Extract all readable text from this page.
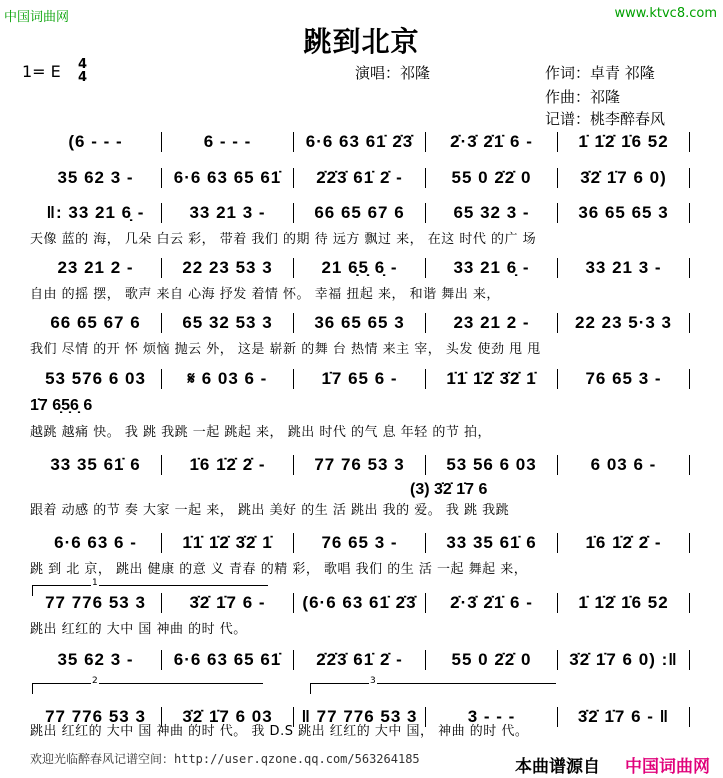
中国词曲网	www.ktvc8.com
跳到北京
1= E 4
4	演唱：祁隆	作词：卓青 祁隆
作曲：祁隆
记谱：桃李醉春风
欢迎光临醉春风记谱空间：http://user.qzone.qq.com/563264185	本曲谱源自 中国词曲网
(6 - - -	6 - - -	6·6 63 61̇ 2̇3̇	2̇·3̇ 2̇1̇ 6 -	1̇ 1̇2̇ 1̇6 52
35 62 3 -	6·6 63 65 61̇	2̇2̇3̇ 61̇ 2̇ -	55 0 2̇2̇ 0	3̇2̇ 1̇7 6 0)
‖: 33 21 6̣ -	33 21 3 -	66 65 67 6	65 32 3 -	36 65 65 3
天像 蓝的 海， 几朵 白云 彩， 带着 我们 的期 待 远方 飘过 来， 在这 时代 的广 场
23 21 2 -	22 23 53 3	21 6̣5̣ 6̣ -	33 21 6̣ -	33 21 3 -
自由 的摇 摆， 歌声 来自 心海 抒发 着情 怀。 幸福 扭起 来， 和谐 舞出 来，
66 65 67 6	65 32 53 3	36 65 65 3	23 21 2 -	22 23 5·3 3
我们 尽情 的开 怀 烦恼 抛云 外， 这是 崭新 的舞 台 热情 来主 宰， 头发 使劲 甩 甩
53 576 6 03	𝄋 6 03 6 -	1̇7 65 6 -	1̇1̇ 1̇2̇ 3̇2̇ 1̇	76 65 3 -
1̇7 6̣5̣6̣ 6
越跳 越痛 快。 我 跳 我跳 一起 跳起 来， 跳出 时代 的气 息 年轻 的节 拍，
33 35 61̇ 6	1̇6 1̇2̇ 2̇ -	77 76 53 3	53 56 6 03	6 03 6 -
(3) 3̇2̇ 1̇7 6
跟着 动感 的节 奏 大家 一起 来， 跳出 美好 的生 活 跳出 我的 爱。 我 跳 我跳
6·6 63 6 -	1̇1̇ 1̇2̇ 3̇2̇ 1̇	76 65 3 -	33 35 61̇ 6	1̇6 1̇2̇ 2̇ -
跳 到 北 京， 跳出 健康 的意 义 青春 的精 彩， 歌唱 我们 的生 活 一起 舞起 来，
77 776 53 3	3̇2̇ 1̇7 6 -	(6·6 63 61̇ 2̇3̇	2̇·3̇ 2̇1̇ 6 -	1̇ 1̇2̇ 1̇6 52
跳出 红红的 大中 国 神曲 的时 代。
35 62 3 -	6·6 63 65 61̇	2̇2̇3̇ 61̇ 2̇ -	55 0 2̇2̇ 0	3̇2̇ 1̇7 6 0) :‖
77 776 53 3	3̇2̇ 1̇7 6 03	‖ 77 776 53 3	3 - - -	3̇2̇ 1̇7 6 - ‖
跳出 红红的 大中 国 神曲 的时 代。 我 D.S 跳出 红红的 大中 国， 神曲 的时 代。
1
2	3
